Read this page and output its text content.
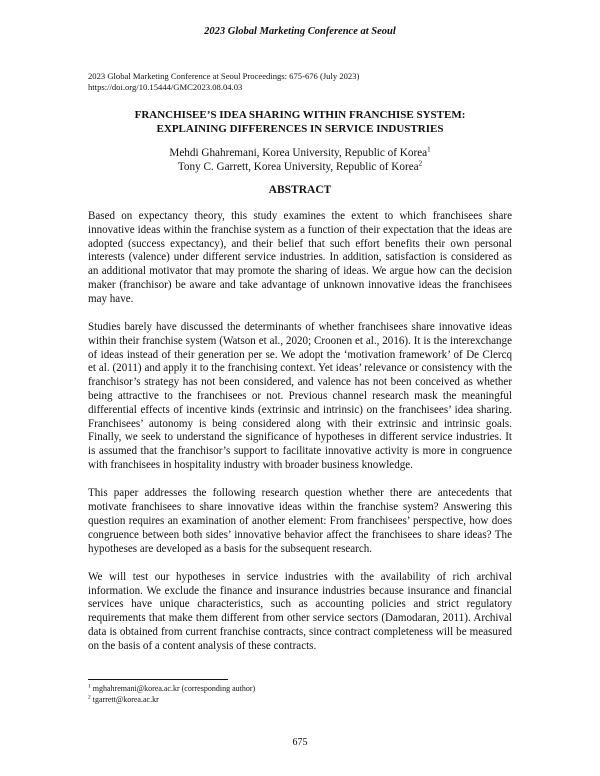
2023 Global Marketing Conference at Seoul
2023 Global Marketing Conference at Seoul Proceedings: 675-676 (July 2023)
https://doi.org/10.15444/GMC2023.08.04.03
FRANCHISEE’S IDEA SHARING WITHIN FRANCHISE SYSTEM:
EXPLAINING DIFFERENCES IN SERVICE INDUSTRIES
Mehdi Ghahremani, Korea University, Republic of Korea$^1$
Tony C. Garrett, Korea University, Republic of Korea$^2$
ABSTRACT

Based on expectancy theory, this study examines the extent to which franchisees share innovative ideas within the franchise system as a function of their expectation that the ideas are adopted (success expectancy), and their belief that such effort benefits their own personal interests (valence) under different service industries. In addition, satisfaction is considered as an additional motivator that may promote the sharing of ideas. We argue how can the decision maker (franchisor) be aware and take advantage of unknown innovative ideas the franchisees may have.

Studies barely have discussed the determinants of whether franchisees share innovative ideas within their franchise system (Watson et al., 2020; Croonen et al., 2016). It is the interexchange of ideas instead of their generation per se. We adopt the ‘motivation framework’ of De Clercq et al. (2011) and apply it to the franchising context. Yet ideas’ relevance or consistency with the franchisor’s strategy has not been considered, and valence has not been conceived as whether being attractive to the franchisees or not. Previous channel research mask the meaningful differential effects of incentive kinds (extrinsic and intrinsic) on the franchisees’ idea sharing. Franchisees’ autonomy is being considered along with their extrinsic and intrinsic goals. Finally, we seek to understand the significance of hypotheses in different service industries. It is assumed that the franchisor’s support to facilitate innovative activity is more in congruence with franchisees in hospitality industry with broader business knowledge.

This paper addresses the following research question whether there are antecedents that motivate franchisees to share innovative ideas within the franchise system? Answering this question requires an examination of another element: From franchisees’ perspective, how does congruence between both sides’ innovative behavior affect the franchisees to share ideas? The hypotheses are developed as a basis for the subsequent research.

We will test our hypotheses in service industries with the availability of rich archival information. We exclude the finance and insurance industries because insurance and financial services have unique characteristics, such as accounting policies and strict regulatory requirements that make them different from other service sectors (Damodaran, 2011). Archival data is obtained from current franchise contracts, since contract completeness will be measured on the basis of a content analysis of these contracts.

$^1$ mghahremani@korea.ac.kr (corresponding author)
$^2$ tgarrett@korea.ac.kr
675
